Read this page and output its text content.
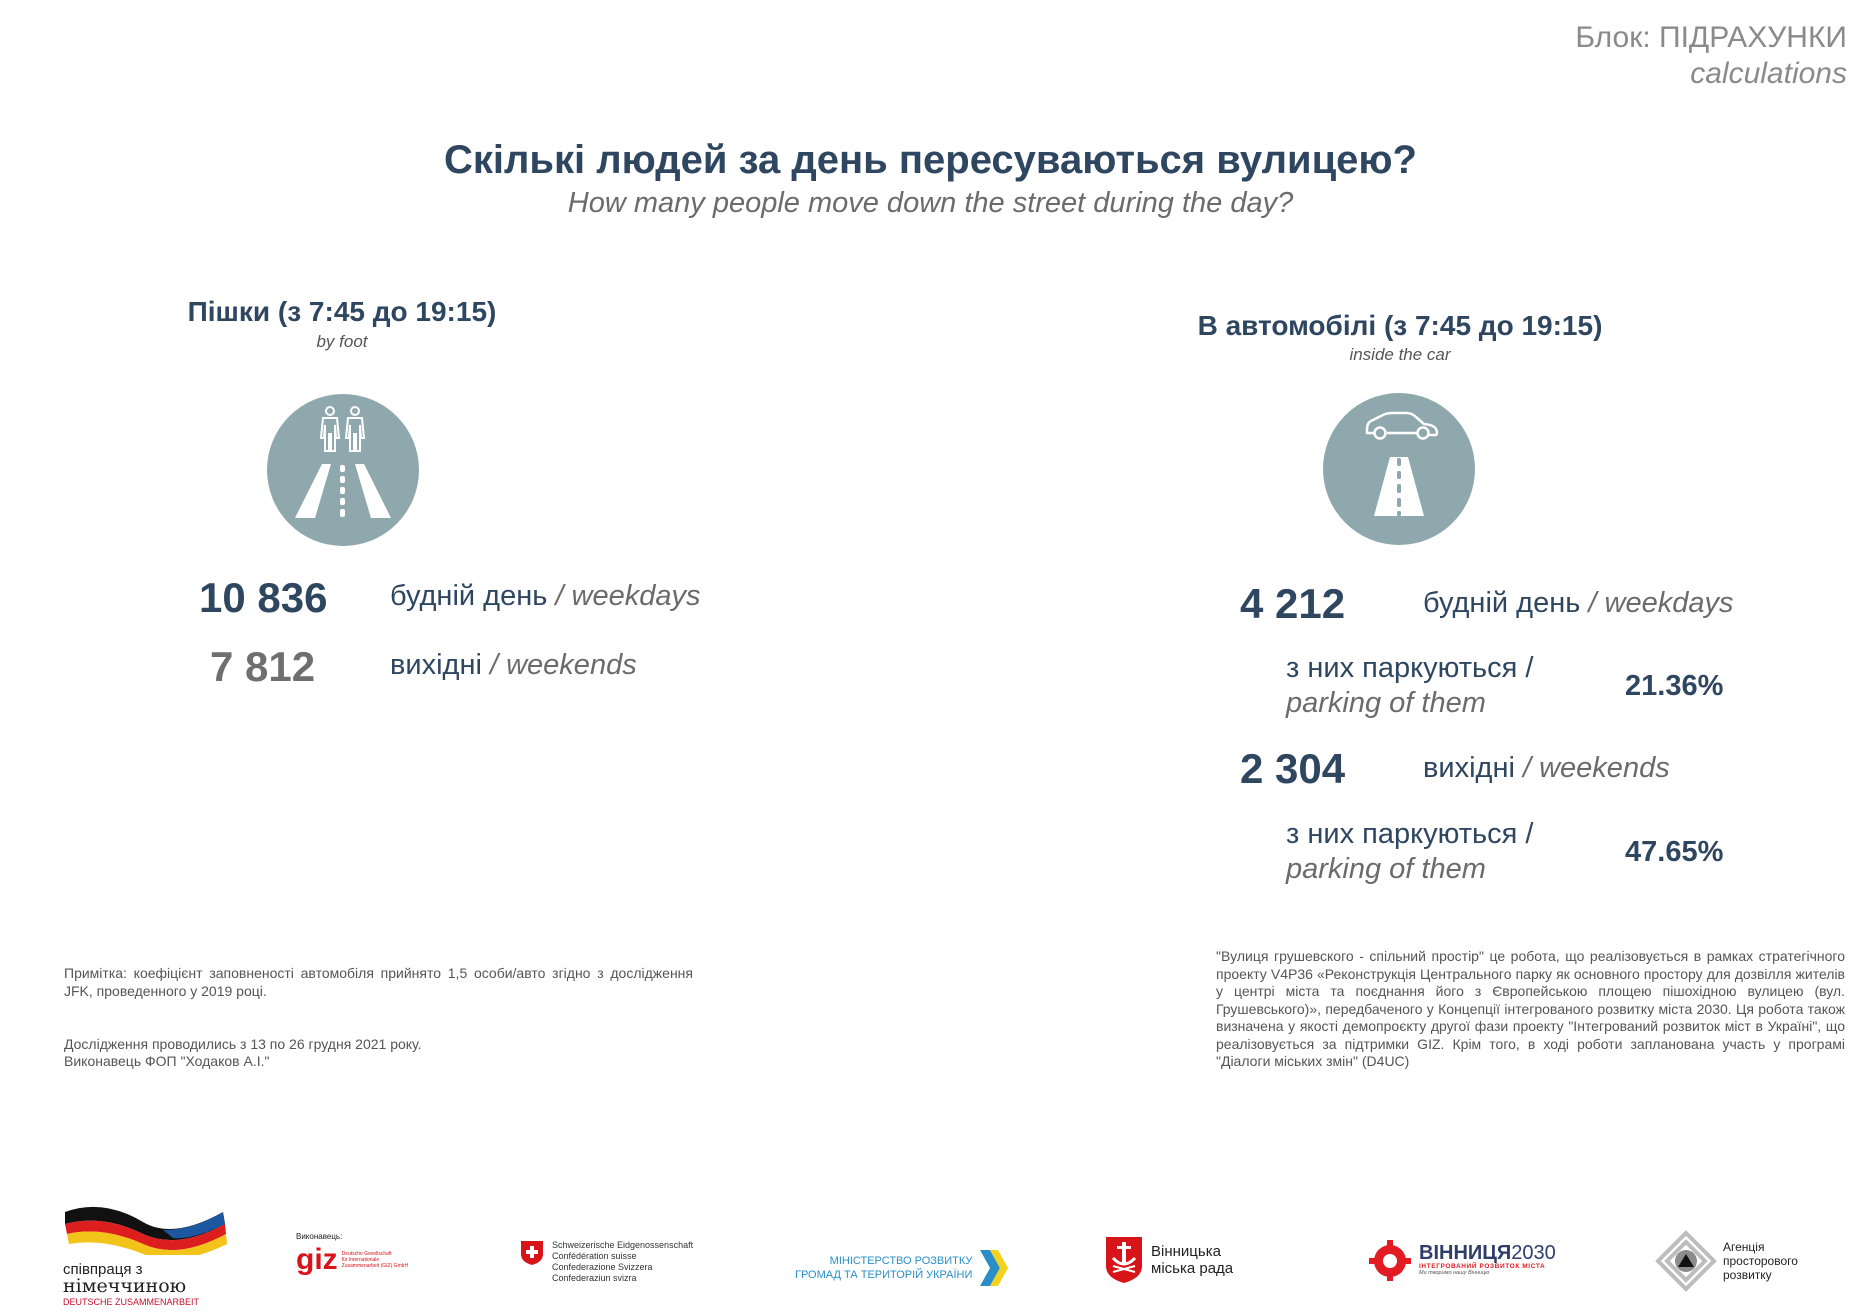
Блок: ПІДРАХУНКИ
calculations
Скількі людей за день пересуваються вулицею?
How many people move down the street during the day?
Пішки (з 7:45 до 19:15)
by foot
10 836 будній день / weekdays
7 812	вихідні / weekends
В автомобілі (з 7:45 до 19:15)
inside the car
4 212	будній день / weekdays
з них паркуються /
parking of them
21.36%
2 304	вихідні / weekends
з них паркуються /
parking of them
47.65%
Примітка: коефіцієнт заповненості автомобіля прийнято 1,5 особи/авто згідно з дослідження JFK, проведенного у 2019 році.
Дослідження проводились з 13 по 26 грудня 2021 року.
Виконавець ФОП "Ходаков А.І."
"Вулиця грушевского - спільний простір" це робота, що реалізовується в рамках стратегічного проекту V4P36 «Реконструкція Центрального парку як основного простору для дозвілля жителів у центрі міста та поєднання його з Європейською площею пішохідною вулицею (вул. Грушевського)», передбаченого у Концепції інтегрованого розвитку міста 2030. Ця робота також визначена у якості демопроєкту другої фази проекту "Інтегрований розвиток міст в Україні", що реалізовується за підтримки GIZ. Крім того, в ході роботи запланована участь у програмі "Діалоги міських змін" (D4UC)
співпраця з
німеччиною
DEUTSCHE ZUSAMMENARBEIT
Виконавець:
giz Deutsche Gesellschaft
für Internationale
Zusammenarbeit (GIZ) GmbH
Schweizerische Eidgenossenschaft
Confédération suisse
Confederazione Svizzera
Confederaziun svizra
МІНІСТЕРСТВО РОЗВИТКУ
ГРОМАД ТА ТЕРИТОРІЙ УКРАЇНИ
Вінницька
міська рада
ВІННИЦЯ2030
ІНТЕГРОВАНИЙ РОЗВИТОК МІСТА
Ми творимо нашу Вінницю
Агенція
просторового
розвитку
